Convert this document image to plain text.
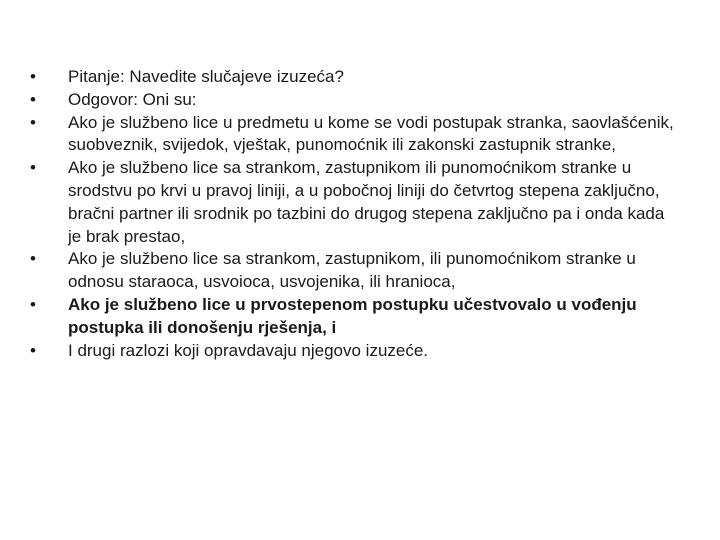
•	Pitanje: Navedite slučajeve izuzeća?
•	Odgovor: Oni su:
•	Ako je službeno lice u predmetu u kome se vodi postupak stranka, saovlašćenik, suobveznik, svijedok, vještak, punomoćnik ili zakonski zastupnik stranke,
•	Ako je službeno lice sa strankom, zastupnikom ili punomoćnikom stranke u srodstvu po krvi u pravoj liniji, a u pobočnoj liniji do četvrtog stepena zaključno, bračni partner ili srodnik po tazbini do drugog stepena zaključno pa i onda kada je brak prestao,
•	Ako je službeno lice sa strankom, zastupnikom, ili punomoćnikom stranke u odnosu staraoca, usvoioca, usvojenika, ili hranioca,
•	Ako je službeno lice u prvostepenom postupku učestvovalo u vođenju postupka ili donošenju rješenja, i
•	I drugi razlozi koji opravdavaju njegovo izuzeće.
